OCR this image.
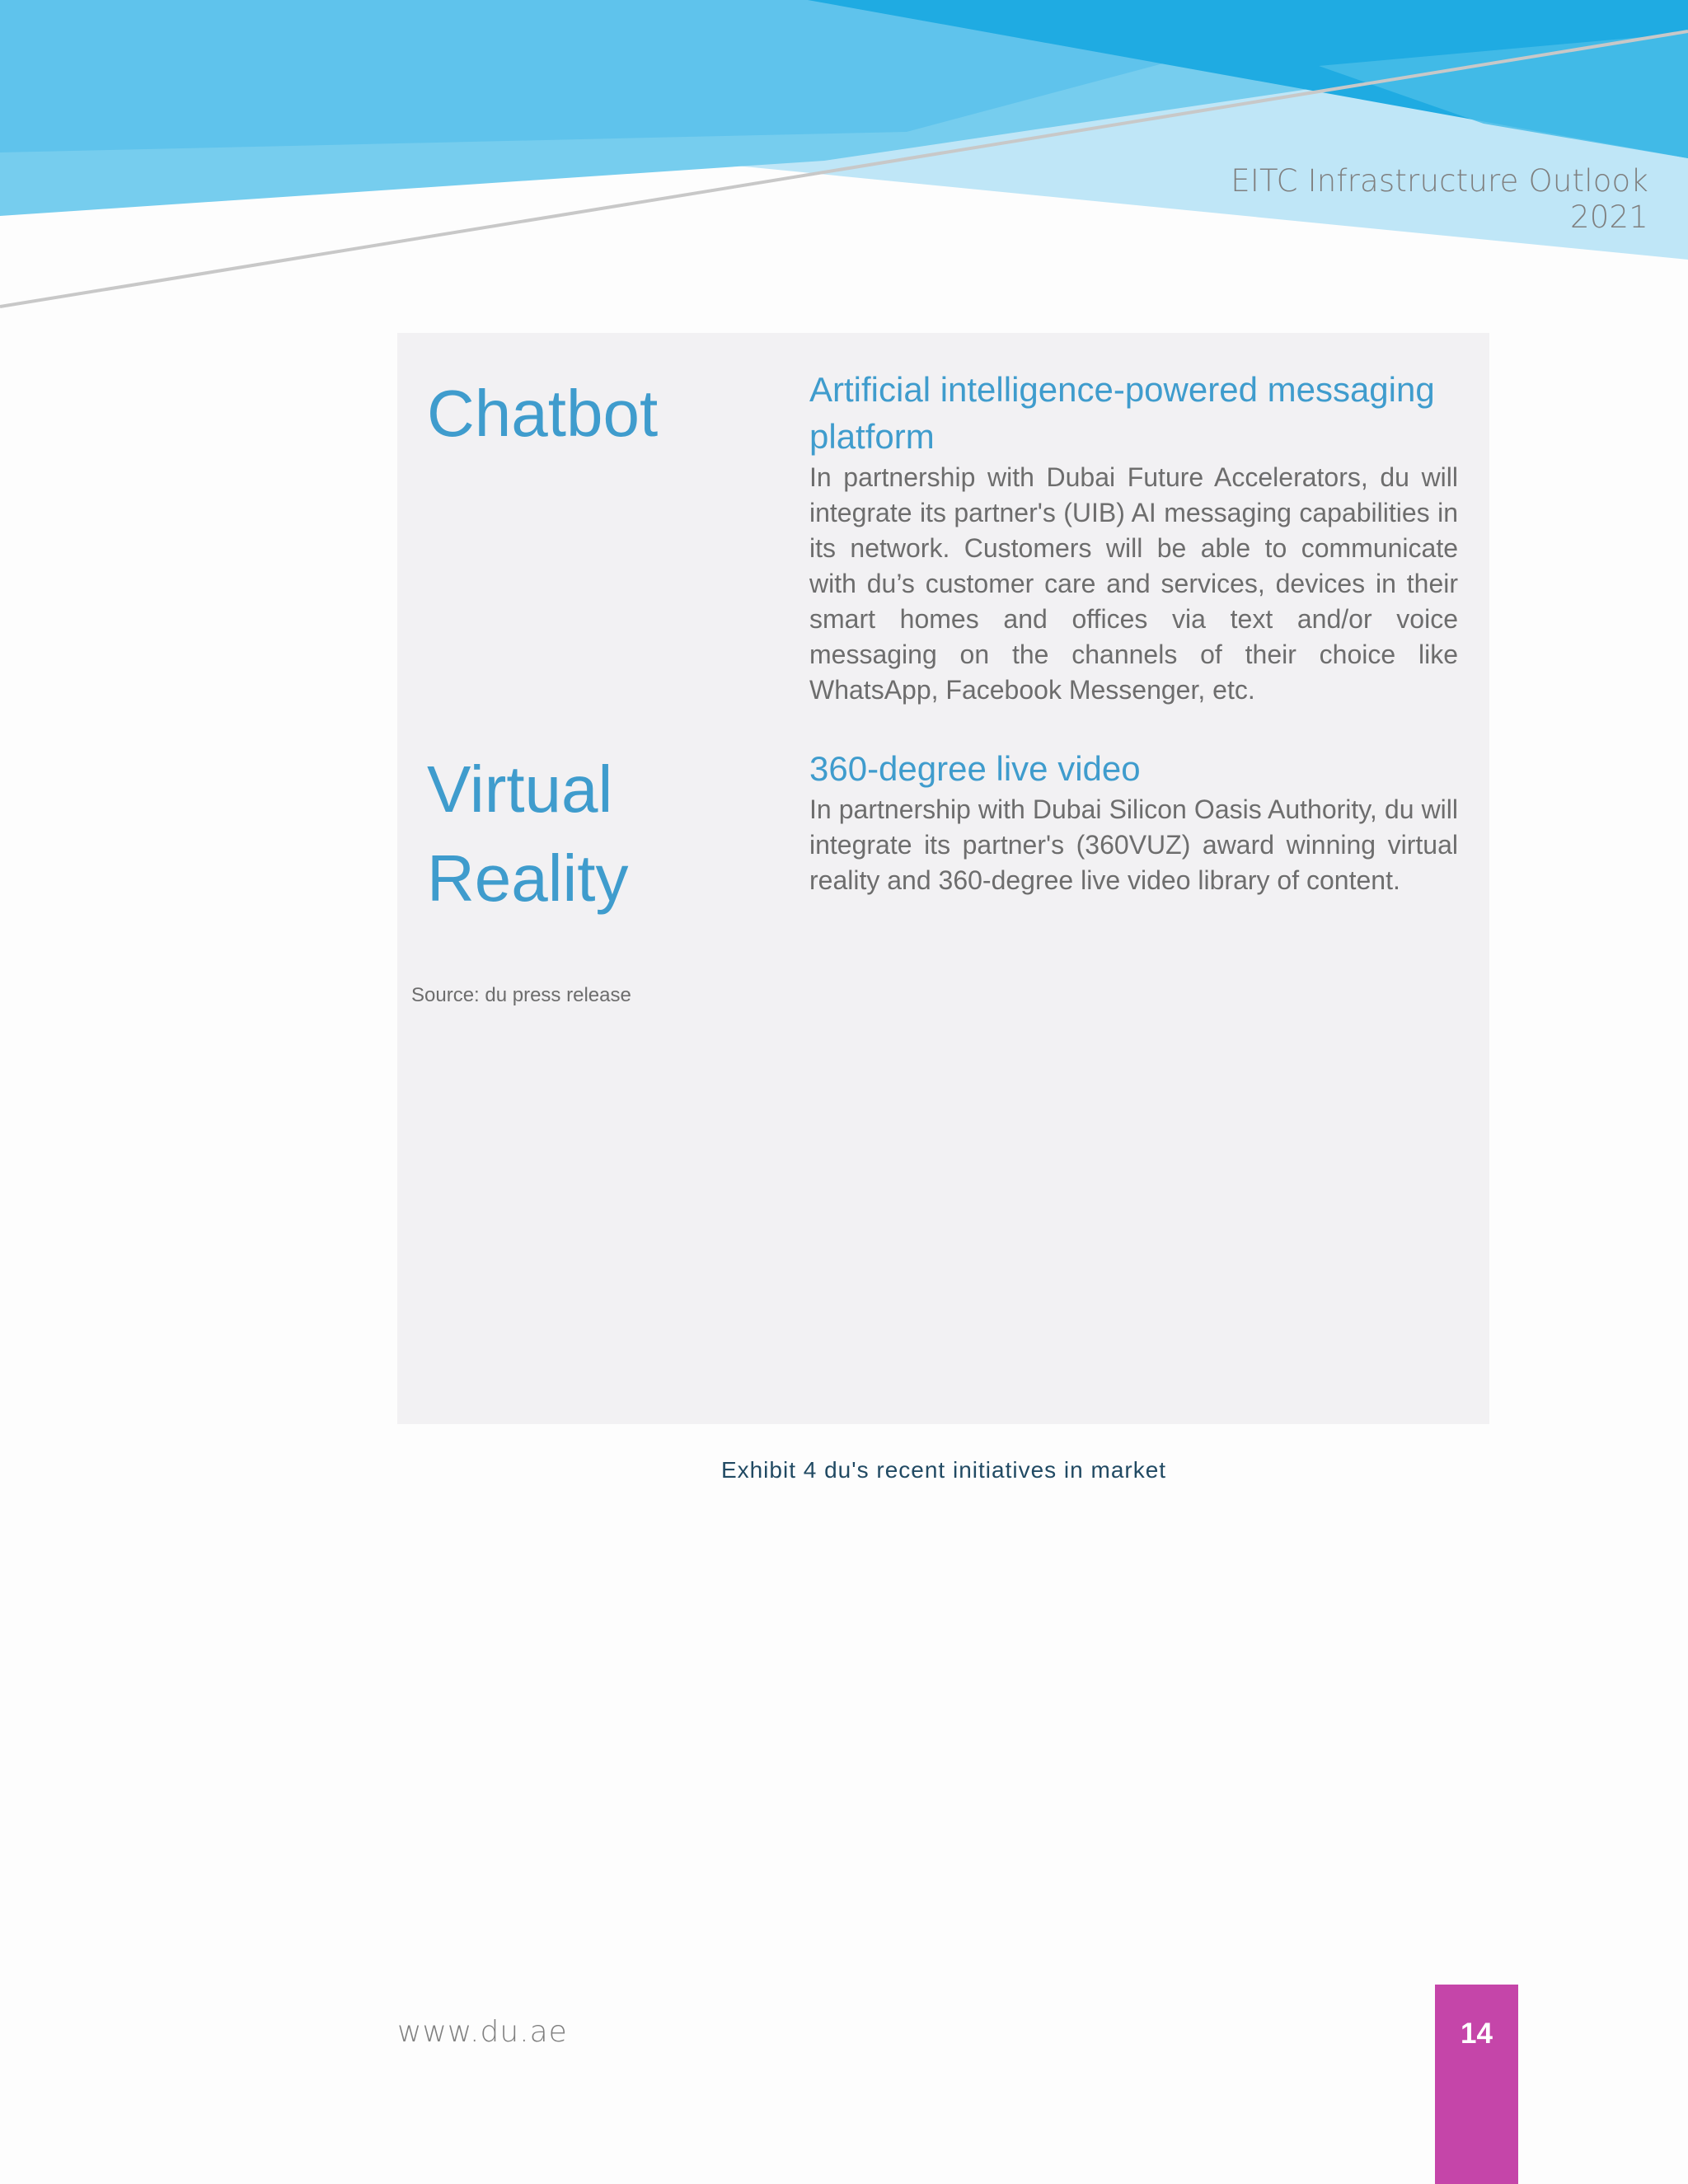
EITC Infrastructure Outlook
2021
Chatbot	Artificial intelligence-powered messaging platform

In partnership with Dubai Future Accelerators, du will integrate its partner's (UIB) AI messaging capabilities in its network. Customers will be able to communicate with du’s customer care and services, devices in their smart homes and offices via text and/or voice messaging on the channels of their choice like WhatsApp, Facebook Messenger, etc.

Virtual
Reality

360-degree live video

In partnership with Dubai Silicon Oasis Authority, du will integrate its partner's (360VUZ) award winning virtual reality and 360-degree live video library of content.

Source: du press release
Exhibit 4 du's recent initiatives in market
www.du.ae	14
